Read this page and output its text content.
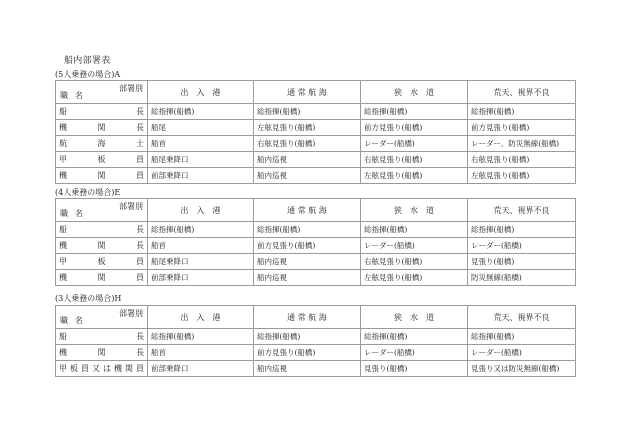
船内部署表
(5人乗務の場合)A
部署別
職名	出　入　港	通 常 航 海	狭　水　道	荒天、視界不良
船長	総指揮(船橋)	総指揮(船橋)	総指揮(船橋)	総指揮(船橋)
機関長	船尾	左舷見張り(船橋)	前方見張り(船橋)	前方見張り(船橋)
航海士	船首	右舷見張り(船橋)	レーダー(船橋)	レーダー、防災無線(船橋)
甲板員	船尾乗降口	船内巡視	右舷見張り(船橋)	右舷見張り(船橋)
機関員	前部乗降口	船内巡視	左舷見張り(船橋)	左舷見張り(船橋)
(4人乗務の場合)E
部署別
職名	出　入　港	通 常 航 海	狭　水　道	荒天、視界不良
船長	総指揮(船橋)	総指揮(船橋)	総指揮(船橋)	総指揮(船橋)
機関長	船首	前方見張り(船橋)	レーダー(船橋)	レーダー(船橋)
甲板員	船尾乗降口	船内巡視	右舷見張り(船橋)	見張り(船橋)
機関員	前部乗降口	船内巡視	左舷見張り(船橋)	防災無線(船橋)
(3人乗務の場合)H
部署別
職名	出　入　港	通 常 航 海	狭　水　道	荒天、視界不良
船長	総指揮(船橋)	総指揮(船橋)	総指揮(船橋)	総指揮(船橋)
機関長	船首	前方見張り(船橋)	レーダー(船橋)	レーダー(船橋)
甲板員又は機関員	前部乗降口	船内巡視	見張り(船橋)	見張り又は防災無線(船橋)
